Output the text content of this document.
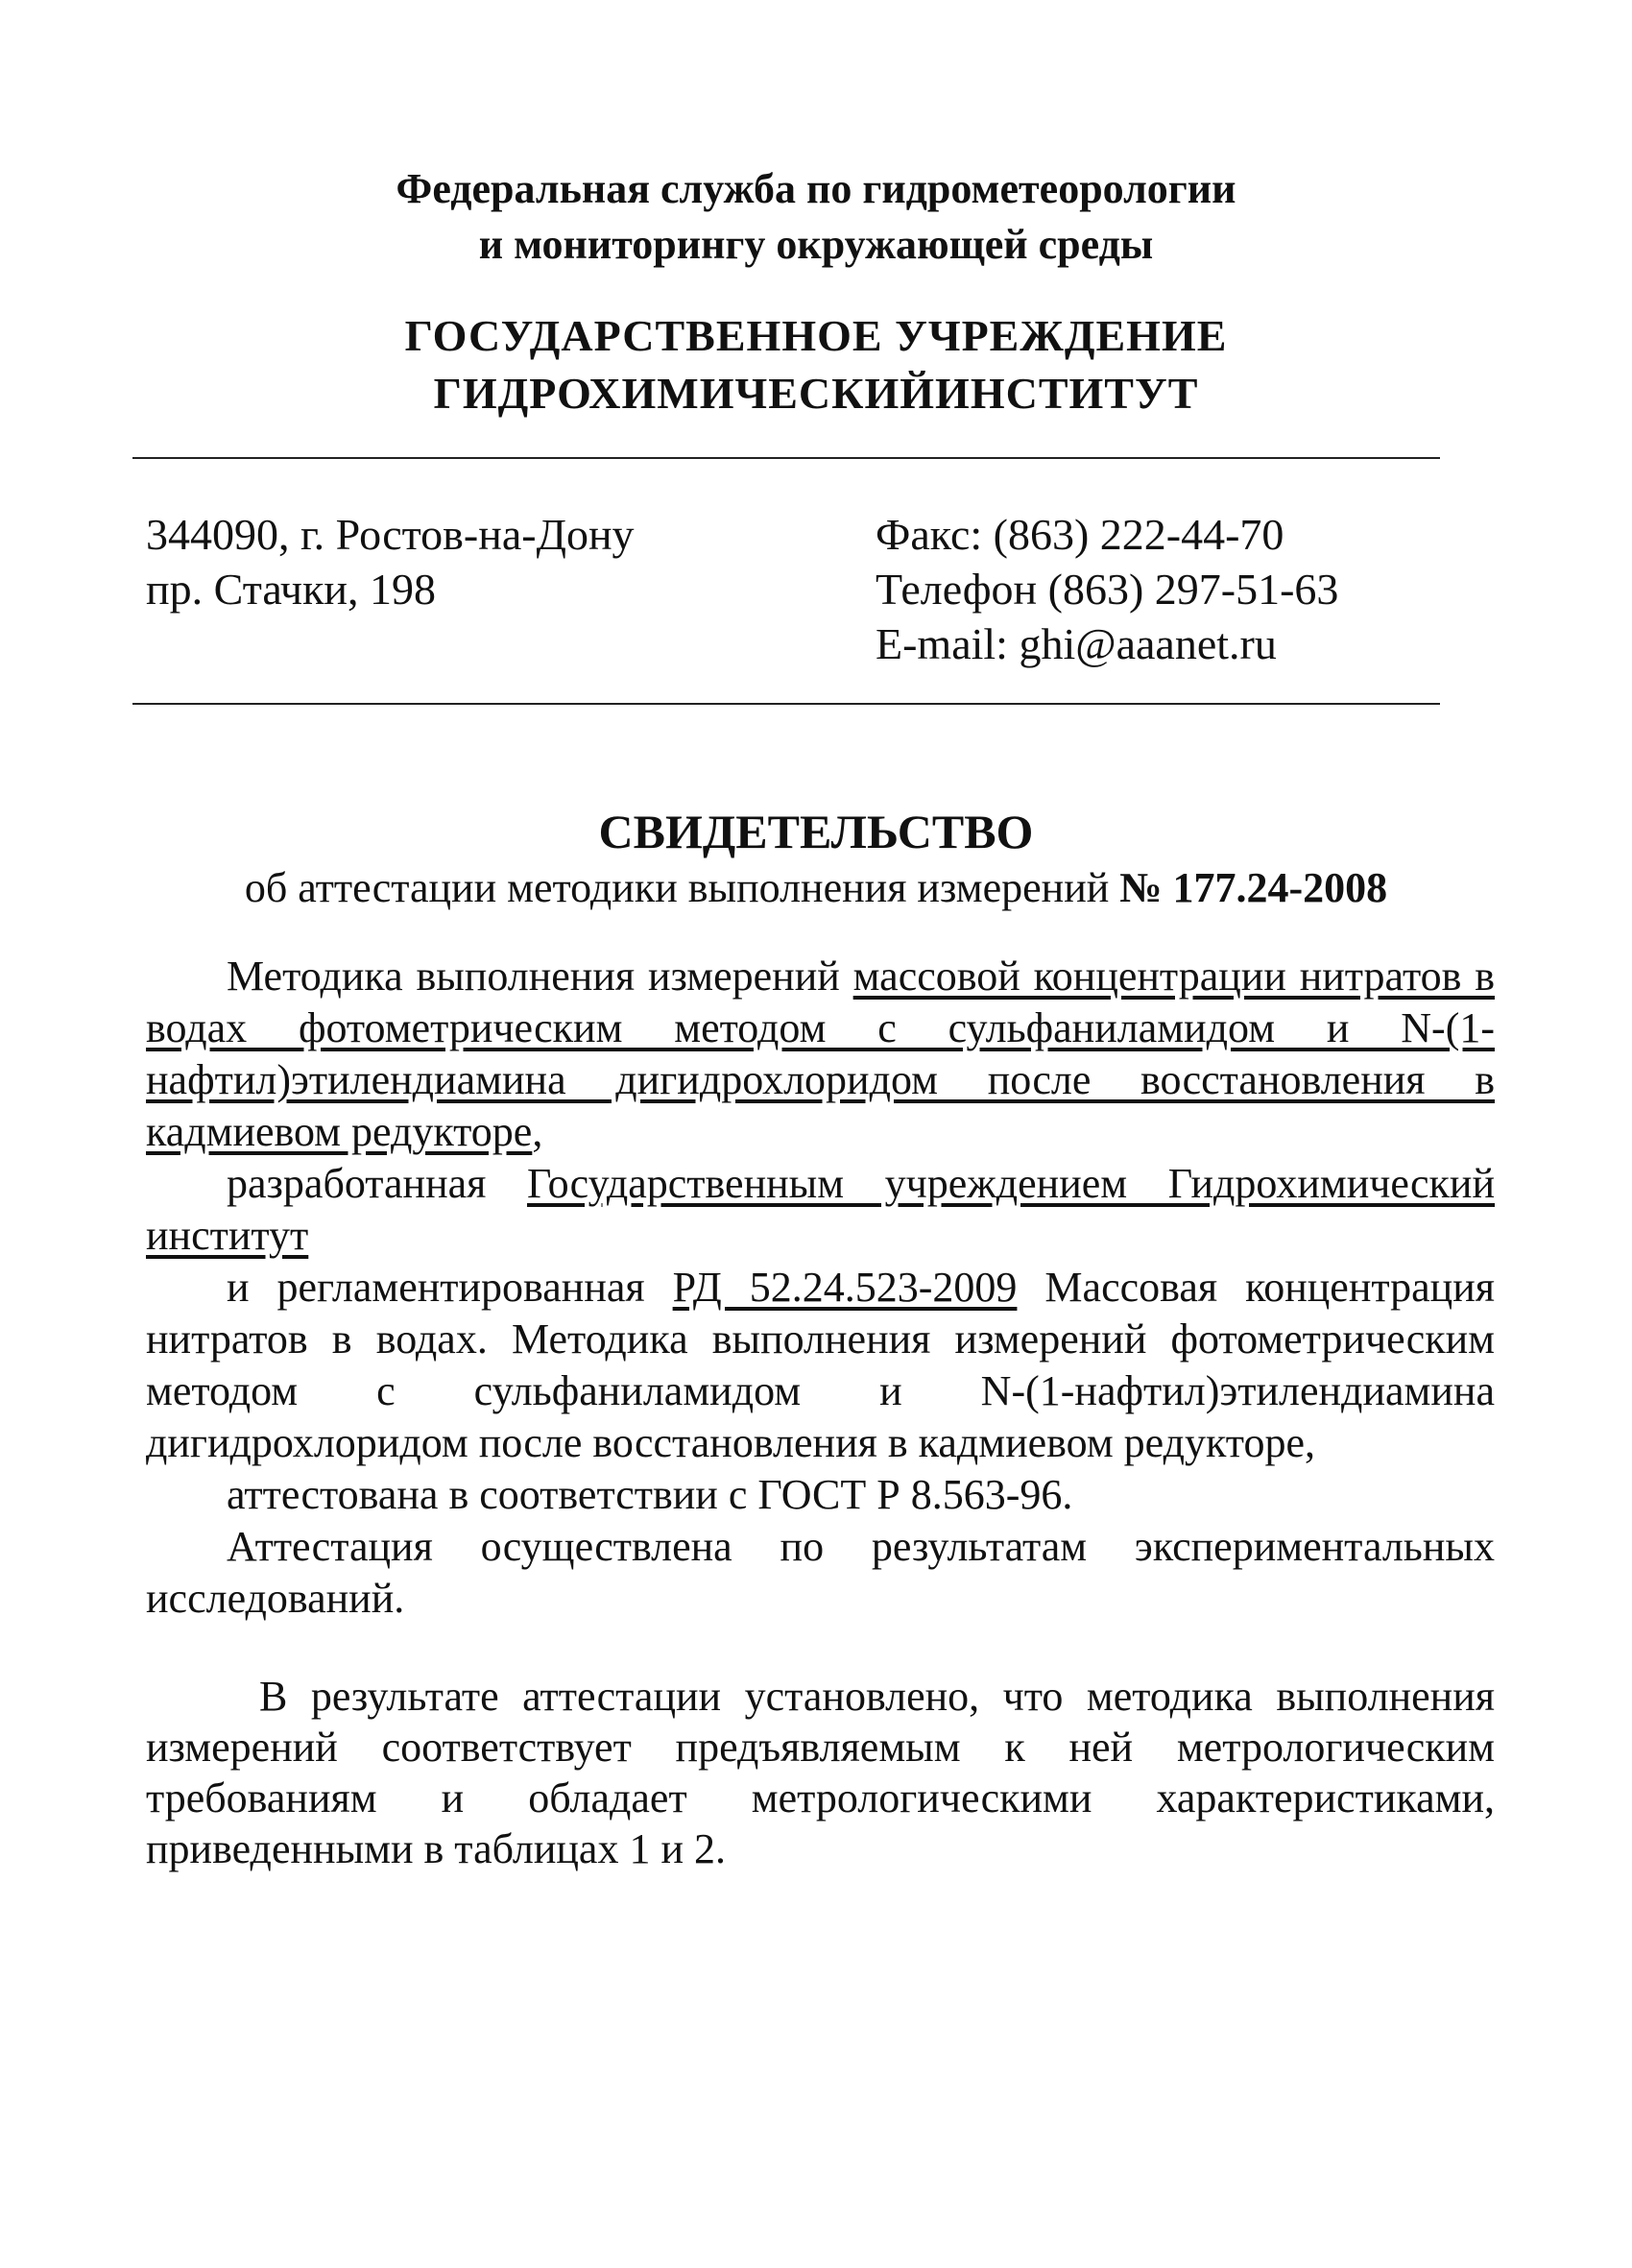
Федеральная служба по гидрометеорологии
и мониторингу окружающей среды
ГОСУДАРСТВЕННОЕ УЧРЕЖДЕНИЕ
ГИДРОХИМИЧЕСКИЙИНСТИТУТ
344090, г. Ростов-на-Дону
пр. Стачки, 198
Факс: (863) 222-44-70
Телефон (863) 297-51-63
E-mail: ghi@aaanet.ru
СВИДЕТЕЛЬСТВО
об аттестации методики выполнения измерений № 177.24-2008

Методика выполнения измерений массовой концентрации нитратов в водах фотометрическим методом с сульфаниламидом и N-(1-нафтил)этилендиамина дигидрохлоридом после восстановления в кадмиевом редукторе,

разработанная Государственным учреждением Гидрохимический институт

и регламентированная РД 52.24.523-2009 Массовая концентрация нитратов в водах. Методика выполнения измерений фотометрическим методом с сульфаниламидом и N-(1-нафтил)этилендиамина дигидрохлоридом после восстановления в кадмиевом редукторе,

аттестована в соответствии с ГОСТ Р 8.563-96.

Аттестация осуществлена по результатам экспериментальных исследований.

В результате аттестации установлено, что методика выполнения измерений соответствует предъявляемым к ней метрологическим требованиям и обладает метрологическими характеристиками, приведенными в таблицах 1 и 2.
